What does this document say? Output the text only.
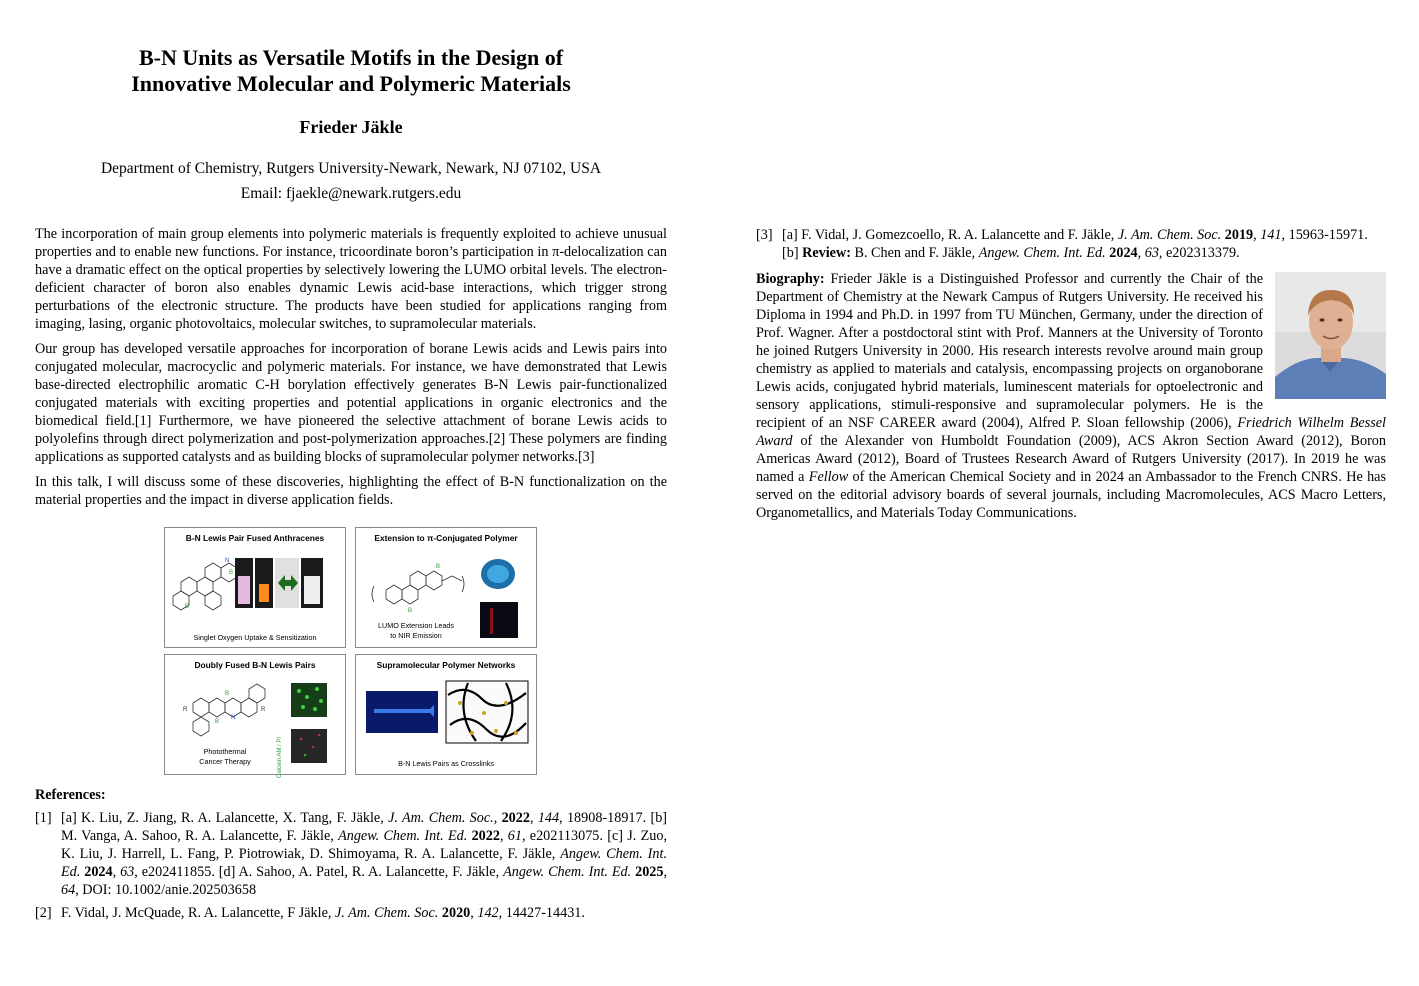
B-N Units as Versatile Motifs in the Design of
Innovative Molecular and Polymeric Materials
Frieder Jäkle
Department of Chemistry, Rutgers University-Newark, Newark, NJ 07102, USA
Email: fjaekle@newark.rutgers.edu

The incorporation of main group elements into polymeric materials is frequently exploited to achieve unusual properties and to enable new functions. For instance, tricoordinate boron’s participation in π-delocalization can have a dramatic effect on the optical properties by selectively lowering the LUMO orbital levels. The electron-deficient character of boron also enables dynamic Lewis acid-base interactions, which trigger strong perturbations of the electronic structure. The products have been studied for applications ranging from imaging, lasing, organic photovoltaics, molecular switches, to supramolecular materials.

Our group has developed versatile approaches for incorporation of borane Lewis acids and Lewis pairs into conjugated molecular, macrocyclic and polymeric materials. For instance, we have demonstrated that Lewis base-directed electrophilic aromatic C-H borylation effectively generates B-N Lewis pair-functionalized conjugated materials with exciting properties and potential applications in organic electronics and the biomedical field.[1] Furthermore, we have pioneered the selective attachment of borane Lewis acids to polyolefins through direct polymerization and post-polymerization approaches.[2] These polymers are finding applications as supported catalysts and as building blocks of supramolecular polymer networks.[3]

In this talk, I will discuss some of these discoveries, highlighting the effect of B-N functionalization on the material properties and the impact in diverse application fields.

B-N Lewis Pair Fused Anthracenes
N
B
B
Singlet Oxygen Uptake & Sensitization
Extension to π-Conjugated Polymer
B
B
LUMO Extension Leads
to NIR Emission
Doubly Fused B-N Lewis Pairs
B
B
N
R	R
Calcein AM / PI
Photothermal
Cancer Therapy
Supramolecular Polymer Networks
B-N Lewis Pairs as Crosslinks
References:
[1] [a] K. Liu, Z. Jiang, R. A. Lalancette, X. Tang, F. Jäkle, J. Am. Chem. Soc., 2022, 144, 18908-18917. [b] M. Vanga, A. Sahoo, R. A. Lalancette, F. Jäkle, Angew. Chem. Int. Ed. 2022, 61, e202113075. [c] J. Zuo, K. Liu, J. Harrell, L. Fang, P. Piotrowiak, D. Shimoyama, R. A. Lalancette, F. Jäkle, Angew. Chem. Int. Ed. 2024, 63, e202411855. [d] A. Sahoo, A. Patel, R. A. Lalancette, F. Jäkle, Angew. Chem. Int. Ed. 2025, 64, DOI: 10.1002/anie.202503658
[2] F. Vidal, J. McQuade, R. A. Lalancette, F Jäkle, J. Am. Chem. Soc. 2020, 142, 14427-14431.
[3] [a] F. Vidal, J. Gomezcoello, R. A. Lalancette and F. Jäkle, J. Am. Chem. Soc. 2019, 141, 15963-15971.
[b] Review: B. Chen and F. Jäkle, Angew. Chem. Int. Ed. 2024, 63, e202313379.
Biography: Frieder Jäkle is a Distinguished Professor and currently the Chair of the Department of Chemistry at the Newark Campus of Rutgers University. He received his Diploma in 1994 and Ph.D. in 1997 from TU München, Germany, under the direction of Prof. Wagner. After a postdoctoral stint with Prof. Manners at the University of Toronto he joined Rutgers University in 2000. His research interests revolve around main group chemistry as applied to materials and catalysis, encompassing projects on organoborane Lewis acids, conjugated hybrid materials, luminescent materials for optoelectronic and sensory applications, stimuli-responsive and supramolecular polymers. He is the recipient of an NSF CAREER award (2004), Alfred P. Sloan fellowship (2006), Friedrich Wilhelm Bessel Award of the Alexander von Humboldt Foundation (2009), ACS Akron Section Award (2012), Boron Americas Award (2012), Board of Trustees Research Award of Rutgers University (2017). In 2019 he was named a Fellow of the American Chemical Society and in 2024 an Ambassador to the French CNRS. He has served on the editorial advisory boards of several journals, including Macromolecules, ACS Macro Letters, Organometallics, and Materials Today Communications.
